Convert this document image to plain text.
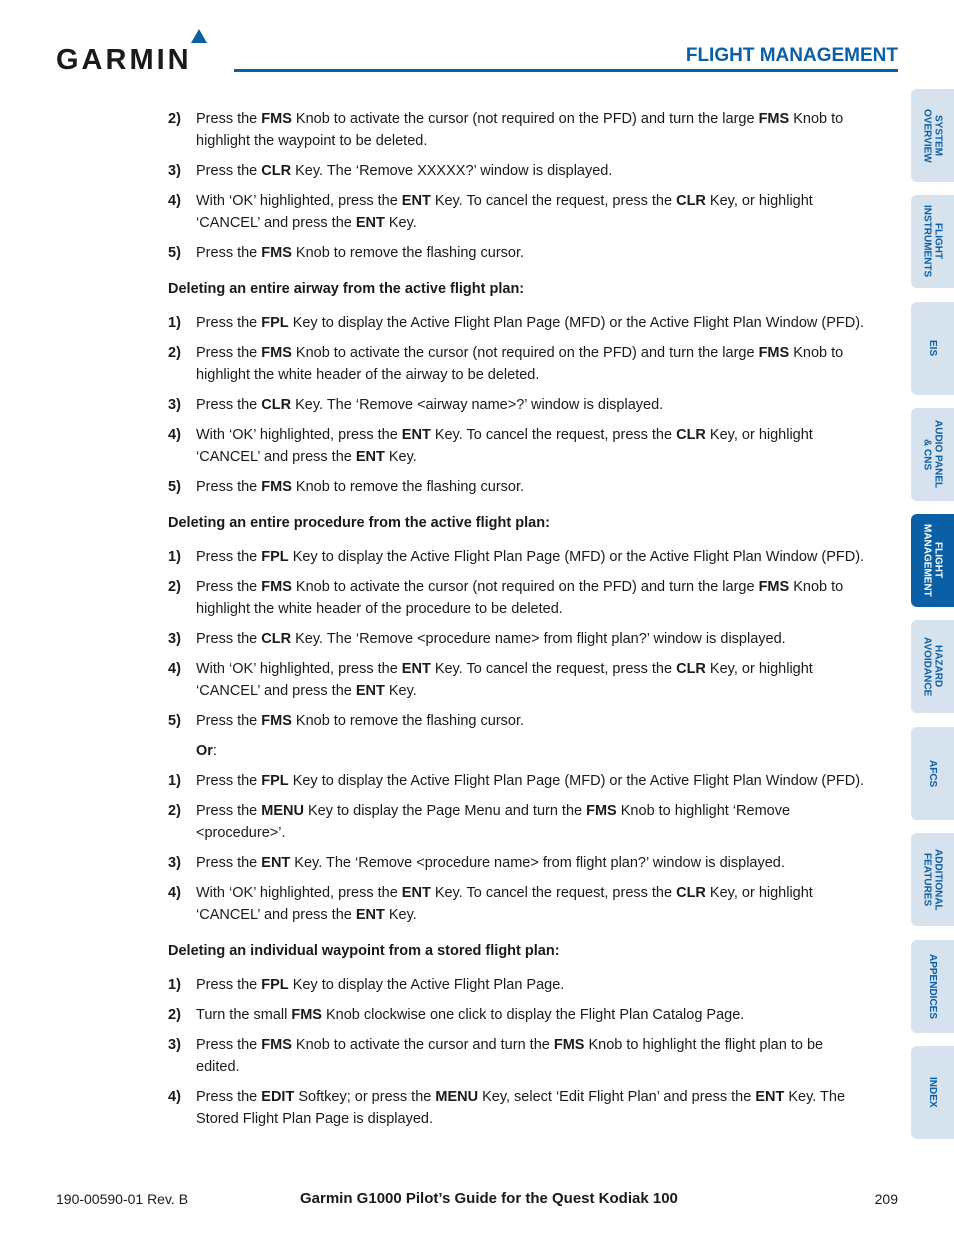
GARMIN	FLIGHT MANAGEMENT
2)	Press the FMS Knob to activate the cursor (not required on the PFD) and turn the large FMS Knob to highlight the waypoint to be deleted.
3)	Press the CLR Key. The ‘Remove XXXXX?’ window is displayed.
4)	With ‘OK’ highlighted, press the ENT Key. To cancel the request, press the CLR Key, or highlight ‘CANCEL’ and press the ENT Key.
5)	Press the FMS Knob to remove the flashing cursor.
Deleting an entire airway from the active flight plan:
1)	Press the FPL Key to display the Active Flight Plan Page (MFD) or the Active Flight Plan Window (PFD).
2)	Press the FMS Knob to activate the cursor (not required on the PFD) and turn the large FMS Knob to highlight the white header of the airway to be deleted.
3)	Press the CLR Key. The ‘Remove <airway name>?’ window is displayed.
4)	With ‘OK’ highlighted, press the ENT Key. To cancel the request, press the CLR Key, or highlight ‘CANCEL’ and press the ENT Key.
5)	Press the FMS Knob to remove the flashing cursor.
Deleting an entire procedure from the active flight plan:
1)	Press the FPL Key to display the Active Flight Plan Page (MFD) or the Active Flight Plan Window (PFD).
2)	Press the FMS Knob to activate the cursor (not required on the PFD) and turn the large FMS Knob to highlight the white header of the procedure to be deleted.
3)	Press the CLR Key. The ‘Remove <procedure name> from flight plan?’ window is displayed.
4)	With ‘OK’ highlighted, press the ENT Key. To cancel the request, press the CLR Key, or highlight ‘CANCEL’ and press the ENT Key.
5)	Press the FMS Knob to remove the flashing cursor.
Or:
1)	Press the FPL Key to display the Active Flight Plan Page (MFD) or the Active Flight Plan Window (PFD).
2)	Press the MENU Key to display the Page Menu and turn the FMS Knob to highlight ‘Remove <procedure>’.
3)	Press the ENT Key. The ‘Remove <procedure name> from flight plan?’ window is displayed.
4)	With ‘OK’ highlighted, press the ENT Key. To cancel the request, press the CLR Key, or highlight ‘CANCEL’ and press the ENT Key.
Deleting an individual waypoint from a stored flight plan:
1)	Press the FPL Key to display the Active Flight Plan Page.
2)	Turn the small FMS Knob clockwise one click to display the Flight Plan Catalog Page.
3)	Press the FMS Knob to activate the cursor and turn the FMS Knob to highlight the flight plan to be edited.
4)	Press the EDIT Softkey; or press the MENU Key, select ‘Edit Flight Plan’ and press the ENT Key. The Stored Flight Plan Page is displayed.
SYSTEM
OVERVIEW
FLIGHT
INSTRUMENTS
EIS
AUDIO PANEL
& CNS
FLIGHT
MANAGEMENT
HAZARD
AVOIDANCE
AFCS
ADDITIONAL
FEATURES
APPENDICES
INDEX
190-00590-01 Rev. B	Garmin G1000 Pilot’s Guide for the Quest Kodiak 100	209
